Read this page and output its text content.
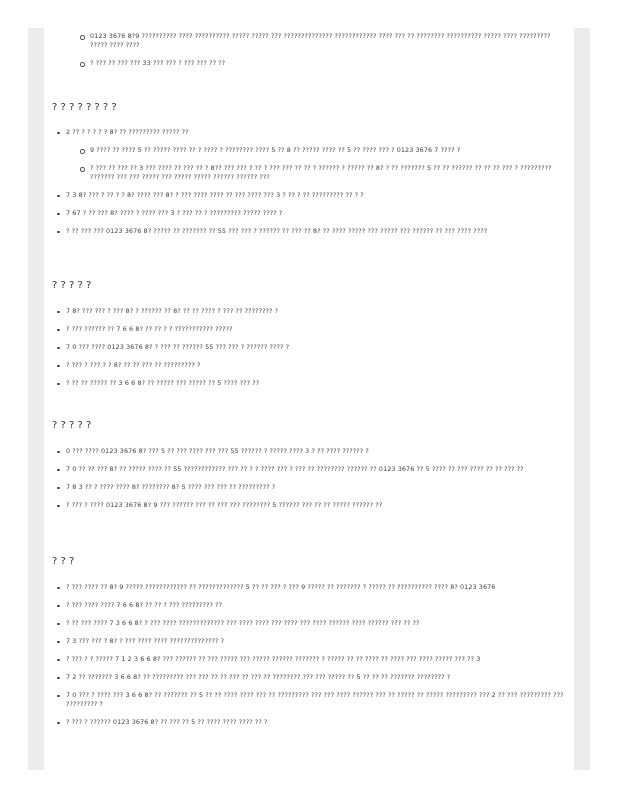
0123 3676 8?9 ?????????? ???? ?????????? ????? ????? ??? ?????????????? ???????????? ???? ??? ?? ???????? ?????????? ????? ???? ????????? ????? ???? ????
? ??? ?? ??? ??? 33 ??? ??? ? ??? ??? ?? ??
? ? ? ? ? ? ? ?
2 ?? ? ? ? ? ? 8? ?? ????????? ????? ??
9 ???? ?? ???? 5 ?? ????? ???? ?? ? ???? ? ???????? ???? 5 ?? 8 ?? ????? ???? ?? 5 ?? ???? ??? ? 0123 3676 7 ???? ?
? ??? ?? ??? ?? 3 ??? ???? ?? ??? ?? ? 8?? ??? ??? ? ?? ? ??? ??? ?? ?? ? ?????? ? ????? ?? 8? ? ?? ??????? 5 ?? ?? ?????? ?? ?? ?? ??? ? ????????? ??????? ??? ??? ????? ??? ????? ????? ?????? ?????? ???
7 3 8? ??? ? ?? ? ? 8? ???? ??? 8? ? ??? ???? ???? ?? ??? ???? ??? 3 ? ?? ? ?? ????????? ?? ? ?
7 67 ? ?? ??? 8? ???? ? ???? ??? 3 ? ??? ?? ? ????????? ????? ???? ?
? ?? ??? ??? 0123 3676 8? ????? ?? ??????? ?? 55 ??? ??? ? ?????? ?? ??? ?? 8? ?? ???? ????? ??? ????? ??? ?????? ?? ??? ???? ????
? ? ? ? ?
7 8? ??? ??? ? ??? 8? ? ?????? ?? 8? ?? ?? ???? ? ??? ?? ???????? ?
? ??? ?????? ?? 7 6 6 8? ?? ?? ? ? ??????????? ?????
7 0 ??? ???? 0123 3676 8? ? ??? ?? ?????? 55 ??? ??? ? ?????? ???? ?
? ??? ? ??? ? ? 8? ?? ?? ??? ?? ????????? ?
? ?? ?? ????? ?? 3 6 6 8? ?? ????? ??? ????? ?? 5 ???? ??? ??
? ? ? ? ?
0 ??? ???? 0123 3676 8? ??? 5 ?? ??? ???? ??? ??? 55 ?????? ? ????? ???? 3 ? ?? ???? ?????? ?
7 0 ?? ?? ??? 8? ?? ????? ???? ?? 55 ???????????? ??? ?? ? ? ???? ??? ? ??? ?? ???????? ?????? ?? 0123 3676 ?? 5 ???? ?? ??? ???? ?? ?? ??? ??
7 8 3 ?? ? ???? ???? 8? ???????? 8? 5 ???? ??? ??? ?? ????????? ?
? ??? ? ???? 0123 3676 8? 9 ??? ?????? ??? ?? ??? ??? ???????? 5 ?????? ??? ?? ?? ????? ?????? ??
? ? ?
? ??? ???? ?? 8? 9 ????? ???????????? ?? ????????????? 5 ?? ?? ??? ? ??? 9 ????? ?? ??????? ? ????? ?? ?????????? ???? 8? 0123 3676
? ??? ???? ???? 7 6 6 8? ?? ?? ? ??? ????????? ??
? ?? ??? ???? 7 3 6 6 8? ? ??? ???? ????????????? ??? ???? ???? ??? ???? ??? ???? ?????? ???? ?????? ??? ?? ??
7 3 ??? ??? ? 8? ? ??? ???? ???? ?????????????? ?
? ??? ? ? ????? 7 1 2 3 6 6 8? ??? ?????? ?? ??? ????? ??? ????? ?????? ??????? ? ????? ?? ?? ???? ?? ???? ??? ???? ????? ??? ?? 3
7 2 ?? ??????? 3 6 6 8? ?? ????????? ??? ??? ?? ?? ??? ?? ??? ?? ???????? ??? ??? ????? ?? 5 ?? ?? ?? ??????? ???????? ?
7 0 ??? ? ???? ??? 3 6 6 8? ?? ??????? ?? 5 ?? ?? ???? ???? ??? ?? ????????? ??? ??? ???? ?????? ??? ?? ????? ?? ????? ????????? ??? 2 ?? ??? ????????? ??? ????????? ?
? ??? ? ?????? 0123 3676 8? ?? ??? ?? 5 ?? ???? ???? ???? ?? ?
